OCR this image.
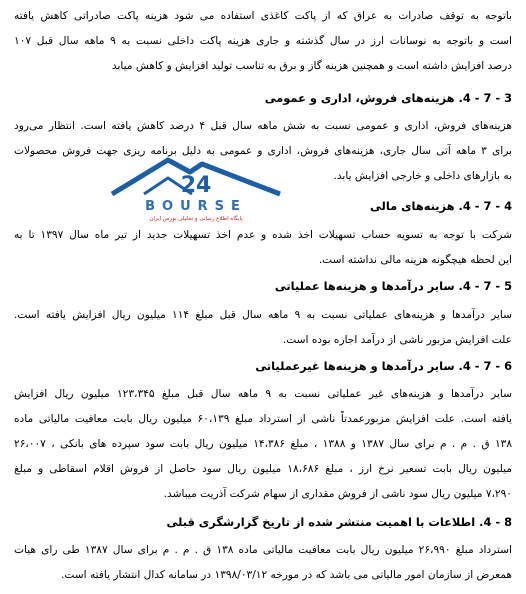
باتوجه به توقف صادرات به عراق که از پاکت کاغذی استفاده می شود هزینه پاکت صادراتی کاهش یافته
است و باتوجه به نوسانات ارز در سال گذشته و جاری هزینه پاکت داخلی نسبت به ۹ ماهه سال قبل ۱۰۷
درصد افزایش داشته است و همچنین هزینه گاز و برق به تناسب تولید افزایش و کاهش میابد
3 - 7 - 4. هزینه‌های فروش، اداری و عمومی
هزینه‌های فروش، اداری و عمومی نسبت به شش ماهه سال قبل ۴ درصد کاهش یافته است. انتظار می‌رود
برای ۳ ماهه آتی سال جاری، هزینه‌های فروش، اداری و عمومی به دلیل برنامه ریزی جهت فروش محصولات
به بازارهای داخلی و خارجی افزایش یابد.
4 - 7 - 4. هزینه‌های مالی
شرکت با توجه به تسویه حساب تسهیلات اخذ شده و عدم اخذ تسهیلات جدید از تیر ماه سال ۱۳۹۷ تا به
این لحظه هیچگونه هزینه مالی نداشته است.
5 - 7 - 4. سایر درآمدها و هزینه‌ها عملیاتی
سایر درآمدها و هزینه‌های عملیاتی نسبت به ۹ ماهه سال قبل مبلغ ۱۱۴ میلیون ریال افزایش یافته است.
علت افزایش مزبور ناشی از درآمد اجاره بوده است.
6 - 7 - 4. سایر درآمدها و هزینه‌ها غیرعملیاتی
سایر درآمدها و هزینه‌های غیر عملیاتی نسبت به ۹ ماهه سال قبل مبلغ ۱۲۳،۳۴۵ میلیون ریال افزایش
یافته است. علت افزایش مزبورعمدتاً ناشی از استرداد مبلغ ۶۰،۱۳۹ میلیون ریال بابت معافیت مالیاتی ماده
۱۳۸ ق . م . م برای سال ۱۳۸۷ و ۱۳۸۸ ، مبلغ ۱۴،۳۸۶ میلیون ریال بابت سود سپرده های بانکی ، ۲۶،۰۰۷
میلیون ریال بابت تسعیر نرخ ارز ، مبلغ ۱۸،۶۸۶ میلیون ریال سود حاصل از فروش اقلام اسقاطی و مبلغ
۷،۲۹۰ میلیون ریال سود ناشی از فروش مقداری از سهام شرکت آذریت میباشد.
8 - 4. اطلاعات با اهمیت منتشر شده از تاریخ گزارشگری قبلی
استرداد مبلغ ۲۶،۹۹۰ میلیون ریال بابت معافیت مالیاتی ماده ۱۳۸ ق . م . م برای سال ۱۳۸۷ طی رای هیات
همعرض از سازمان امور مالیاتی می باشد که در مورخه ۱۳۹۸/۰۳/۱۲ در سامانه کدال انتشار یافته است.
24
BOURSE
پایگاه اطلاع رسانی و تحلیلی بورس ایران
